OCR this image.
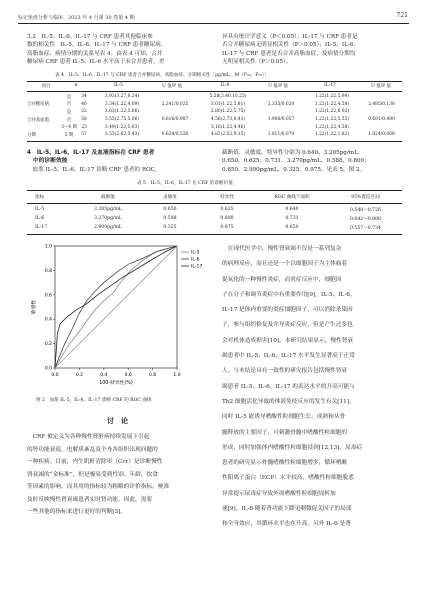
标记免疫分析与临床　2023 年 4 月第 30 卷第 4 期	721
3.2　IL-5、IL-6、IL-17 与 CRF 患者其他临床参
数的相关性　IL-5、IL-6、IL-17 与 CRF 患者糖尿病、
高脂血症、病情分期的关系见表 4。由表 4 可知，合并
糖尿病 CRF 患者 IL-5、IL-6 水平高于未合并患者，差
异具有统计学意义（P＜0.05）；IL-17 与 CRF 患者是
否合并糖尿病无明显相关性（P＞0.05）；IL-5、IL-6、
IL-17 与 CRF 患者是否合并高脂血症、及病情分期均
无明显相关性（P＞0.05）。
表 4　IL-5、IL-6、IL-17 与 CRF 患者合并糖尿病、高脂血症、分期相关性［pg/mL，M（P₂₅，P₇₅）］
项目	n	IL-5	U 值/P 值	IL-6	U 值/P 值	IL-17	U 值/P 值
	是	34	3.93(3.27,6.24)		5.28(3.40,10.25)		1.22(1.22,5.99)	
合并糖尿病	否	46	3.34(1.22,4.09)	2.241/0.025	3.01(1.22,5.81)	2.335/0.020	1.22(1.22,4.58)	2.485/0.138
	是	22	3.63(1.22,5.66)		2.80(1.22,5.75)		1.22(1.22,6.92)	
合并高血脂	否	58	3.55(2.75,5.06)	0.616/0.987	4.56(2.73,9.43)	1.906/0.057	1.22(1.22,5.55)	0.691/0.490
	3～4 期	23	3.49(1.22,5.63)		3.16(1.22,4.46)		1.22(1.22,4.58)	
分期	5 期	57	3.55(2.62,5.43)	0.634/0.526	4.82(2.52,9.15)	1.811/0.070	1.22(1.22,1.82)	1.824/0.068
4　IL-5、IL-6、IL-17 及血液指标在 CRF 患者
　中的诊断效能
　血浆 IL-5、IL-6、IL-17 诊断 CRF 患者的 ROC,
截断值、灵敏度、特异性分别为 0.640、3.205pg/mL、
0.650、0.625；0.731、3.270pg/mL、0.588、0.800；
0.650、2.900pg/mL、0.325、0.975。见表 5，图 2。
表 5　IL-5、IL-6、IL-17 在 CRF 的诊断价值
指标	截断值	灵敏度	特异性	ROC 曲线下面积	95%置信区间
IL-5	3.205pg/mL	0.650	0.625	0.640	0.548～0.726
IL-6	3.270pg/mL	0.588	0.800	0.731	0.642～0.808
IL-17	2.900pg/mL	0.325	0.975	0.650	0.557～0.734
0.0	0.2	0.4	0.6	0.8	1.0
0.0
0.2
0.4
0.6
0.8
1.0
100-特异性(%)
敏感性
IL-5
IL-6
IL-17
图 2　血浆 IL-5、IL-6、IL-17 诊断 CRF 的 ROC 曲线
讨　论
　CRF 被定义为各种慢性肾脏病持续发展下引起
的肾功能衰退，电解质紊乱及全身各组织出现问题的
一种疾病。目前，内生肌酐清除率（Ccr）是诊断慢性
肾衰竭的“金标准”，但是极易受到性别、年龄、饮食
等因素的影响，而其用的指标较为粗略的评价指标。梗准
及时反映慢性肾衰竭患者实时肾功能。因此，需要
一些其他的指标来进行更好的判断[3]。
　在现代医学中，慢性肾衰竭不仅是一系列复杂
的病理反应，而且还是一个以细胞因子为主体痛着
促氧化的一种慢性炎症，而炎症反应中，细胞因
子在分子和调节炎症中有重要作用[9]。IL-5、IL-6、
IL-17 是体内重要的炎症细胞因子，可以消除杀染因
子，参与组织修复及介导炎症反应，但是产生过多也
会对机体造成损害[10]。本研究结果显示，慢性肾衰
竭患者中 IL-5、IL-6、IL-17 水平发生显著高于正常
人。与本结论具有一致性的研究报告包括慢性肾衰
竭患者 IL-5、IL-6、IL-17 的表达水平的升高可能与
Th2 细胞活化导致的体液免疫反应的发生有关[11]。
同时 IL-5 能诱导嗜酸性粒细胞生长、成熟和从骨
髓释放的主要因子，可刺激骨髓中嗜酸性粒细胞的
形成，同时加强体内嗜酸性粒细胞浸润[12,13]。尿毒症
患者的研究显示骨髓嗜酸性粒细胞增多，循环嗜酸
性阳离子蛋白（ECP）水平较高，嗜酸性粒细胞脱悉
异常提示尿毒症导致外周嗜酸性粒细胞周转加
速[9]。IL-6 随着肾功能下降见剩微促关因子的局部
和全身效应，其循环水平也在升高。另外 IL-6 是肾
